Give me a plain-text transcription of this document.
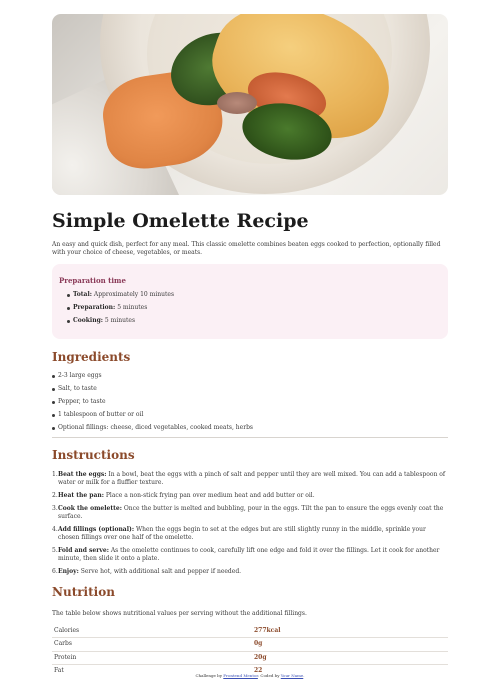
Simple Omelette Recipe

An easy and quick dish, perfect for any meal. This classic omelette combines beaten eggs cooked to perfection, optionally filled with your choice of cheese, vegetables, or meats.

Preparation time
Total: Approximately 10 minutes
Preparation: 5 minutes
Cooking: 5 minutes
Ingredients
2-3 large eggs
Salt, to taste
Pepper, to taste
1 tablespoon of butter or oil
Optional fillings: cheese, diced vegetables, cooked meats, herbs
Instructions
1. Beat the eggs: In a bowl, beat the eggs with a pinch of salt and pepper until they are well mixed. You can add a tablespoon of water or milk for a fluffier texture.
2. Heat the pan: Place a non-stick frying pan over medium heat and add butter or oil.
3. Cook the omelette: Once the butter is melted and bubbling, pour in the eggs. Tilt the pan to ensure the eggs evenly coat the surface.
4. Add fillings (optional): When the eggs begin to set at the edges but are still slightly runny in the middle, sprinkle your chosen fillings over one half of the omelette.
5. Fold and serve: As the omelette continues to cook, carefully lift one edge and fold it over the fillings. Let it cook for another minute, then slide it onto a plate.
6. Enjoy: Serve hot, with additional salt and pepper if needed.
Nutrition

The table below shows nutritional values per serving without the additional fillings.

Calories	277kcal
Carbs	0g
Protein	20g
Fat	22
Challenge by Frontend Mentor. Coded by Your Name.
